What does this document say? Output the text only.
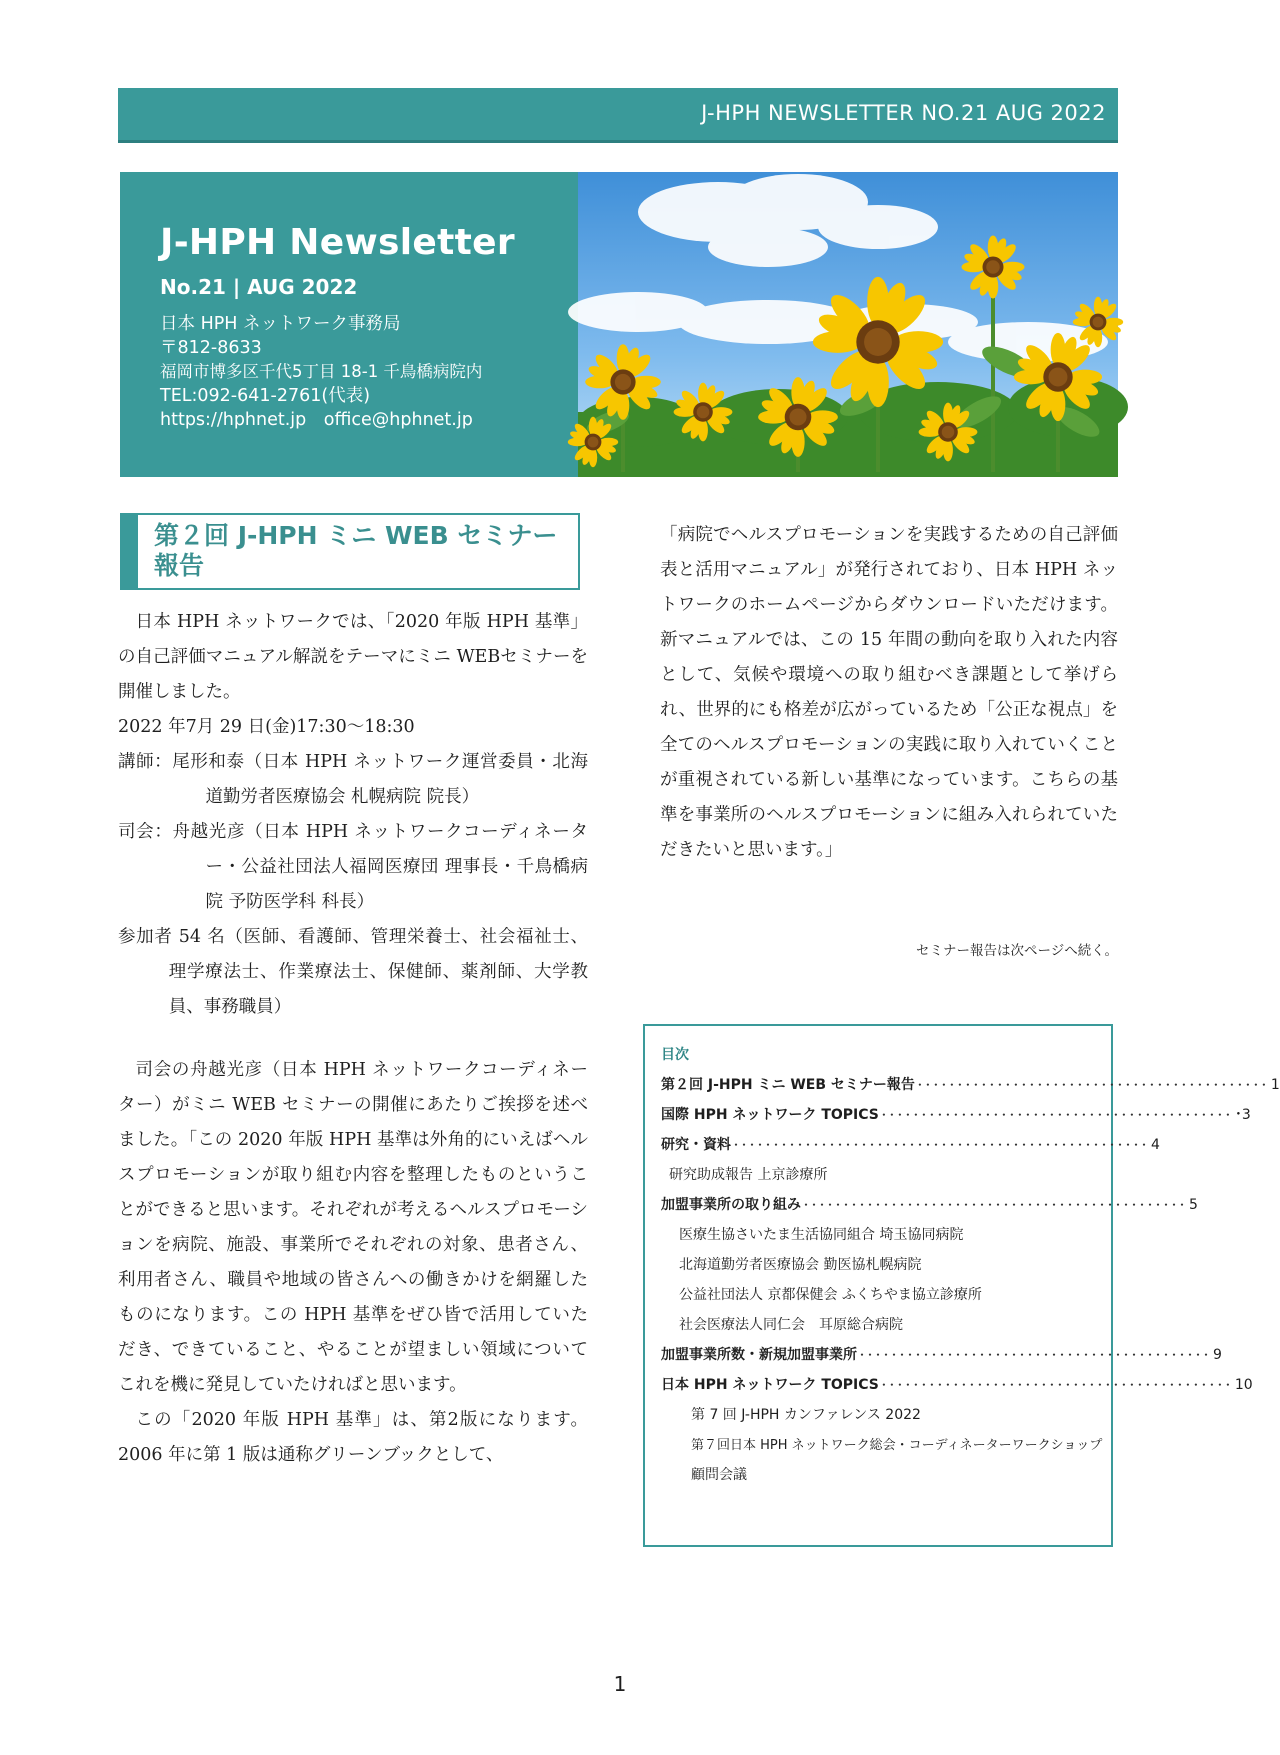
J-HPH NEWSLETTER NO.21 AUG 2022
J-HPH Newsletter
No.21 | AUG 2022
日本 HPH ネットワーク事務局
〒812-8633
福岡市博多区千代5丁目 18-1 千鳥橋病院内
TEL:092-641-2761(代表)
https://hphnet.jp　office@hphnet.jp
第２回 J-HPH ミニ WEB セミナー
報告

日本 HPH ネットワークでは、「2020 年版 HPH 基準」の自己評価マニュアル解説をテーマにミニ WEBセミナーを開催しました。

2022 年7月 29 日(金)17:30～18:30

講師：尾形和泰（日本 HPH ネットワーク運営委員・北海道勤労者医療協会 札幌病院 院長）

司会：舟越光彦（日本 HPH ネットワークコーディネーター・公益社団法人福岡医療団 理事長・千鳥橋病院 予防医学科 科長）

参加者 54 名（医師、看護師、管理栄養士、社会福祉士、理学療法士、作業療法士、保健師、薬剤師、大学教員、事務職員）

司会の舟越光彦（日本 HPH ネットワークコーディネーター）がミニ WEB セミナーの開催にあたりご挨拶を述べました。「この 2020 年版 HPH 基準は外角的にいえばヘルスプロモーションが取り組む内容を整理したものということができると思います。それぞれが考えるヘルスプロモーションを病院、施設、事業所でそれぞれの対象、患者さん、利用者さん、職員や地域の皆さんへの働きかけを網羅したものになります。この HPH 基準をぜひ皆で活用していただき、できていること、やることが望ましい領域についてこれを機に発見していたければと思います。

この「2020 年版 HPH 基準」は、第2版になります。2006 年に第 1 版は通称グリーンブックとして、

「病院でヘルスプロモーションを実践するための自己評価表と活用マニュアル」が発行されており、日本 HPH ネットワークのホームページからダウンロードいただけます。新マニュアルでは、この 15 年間の動向を取り入れた内容として、気候や環境への取り組むべき課題として挙げられ、世界的にも格差が広がっているため「公正な視点」を全てのヘルスプロモーションの実践に取り入れていくことが重視されている新しい基準になっています。こちらの基準を事業所のヘルスプロモーションに組み入れられていただきたいと思います。」

セミナー報告は次ページへ続く。
目次
第２回 J-HPH ミニ WEB セミナー報告 ････････････････････････････････････････････ 1
国際 HPH ネットワーク TOPICS ････････････････････････････････････････････ ･3
研究・資料 ････････････････････････････････････････････････････ 4
研究助成報告 上京診療所
加盟事業所の取り組み ････････････････････････････････････････････････ 5
医療生協さいたま生活協同組合 埼玉協同病院
北海道勤労者医療協会 勤医協札幌病院
公益社団法人 京都保健会 ふくちやま協立診療所
社会医療法人同仁会　耳原総合病院
加盟事業所数・新規加盟事業所 ････････････････････････････････････････････ 9
日本 HPH ネットワーク TOPICS ････････････････････････････････････････････ 10
第 7 回 J-HPH カンファレンス 2022
第７回日本 HPH ネットワーク総会・コーディネーターワークショップ
顧問会議
1
